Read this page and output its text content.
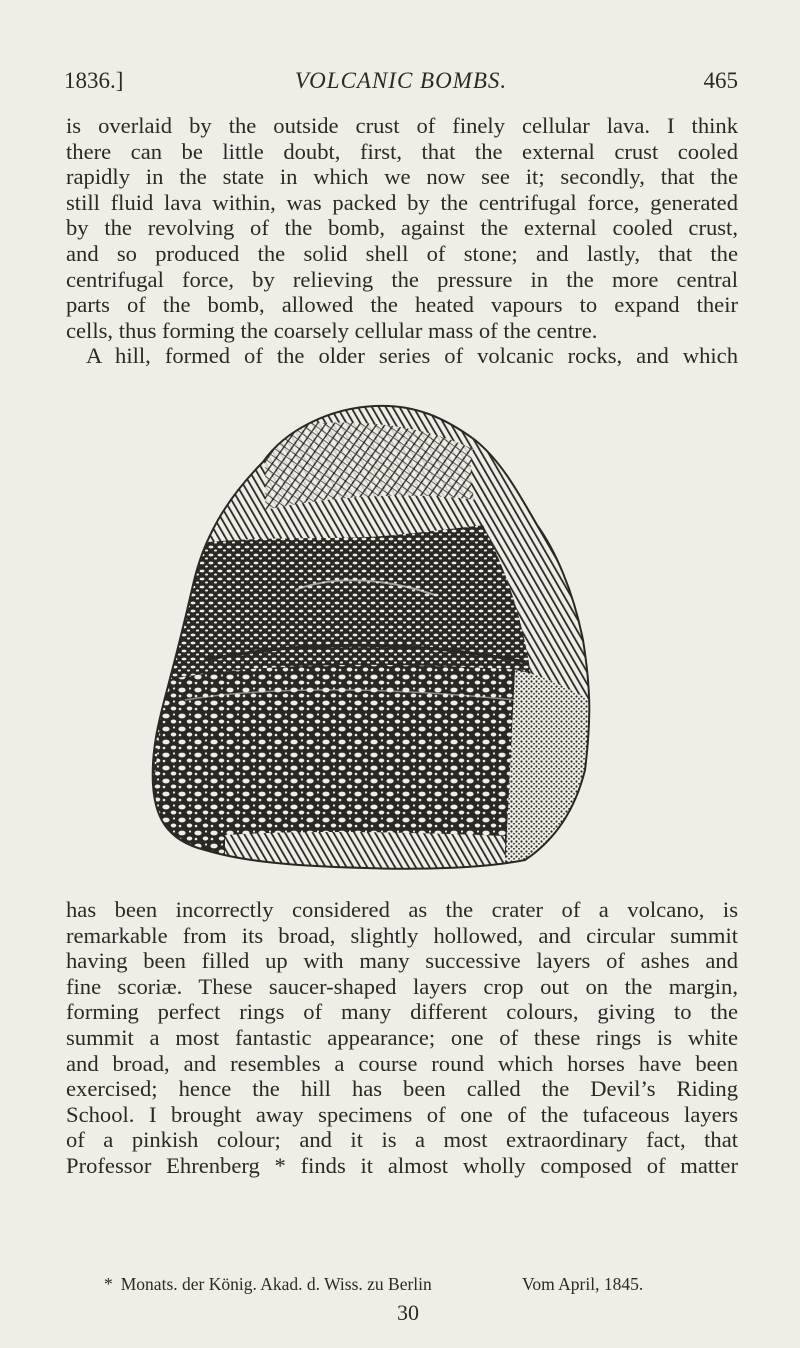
1836.]	VOLCANIC BOMBS.	465
is overlaid by the outside crust of finely cellular lava. I think
there can be little doubt, first, that the external crust cooled
rapidly in the state in which we now see it; secondly, that the
still fluid lava within, was packed by the centrifugal force, generated
by the revolving of the bomb, against the external cooled crust,
and so produced the solid shell of stone; and lastly, that the
centrifugal force, by relieving the pressure in the more central
parts of the bomb, allowed the heated vapours to expand their
cells, thus forming the coarsely cellular mass of the centre.
A hill, formed of the older series of volcanic rocks, and which
has been incorrectly considered as the crater of a volcano, is
remarkable from its broad, slightly hollowed, and circular summit
having been filled up with many successive layers of ashes and
fine scoriæ. These saucer-shaped layers crop out on the margin,
forming perfect rings of many different colours, giving to the
summit a most fantastic appearance; one of these rings is white
and broad, and resembles a course round which horses have been
exercised; hence the hill has been called the Devil’s Riding
School. I brought away specimens of one of the tufaceous layers
of a pinkish colour; and it is a most extraordinary fact, that
Professor Ehrenberg * finds it almost wholly composed of matter
* Monats. der König. Akad. d. Wiss. zu Berlin	Vom April, 1845.
30
